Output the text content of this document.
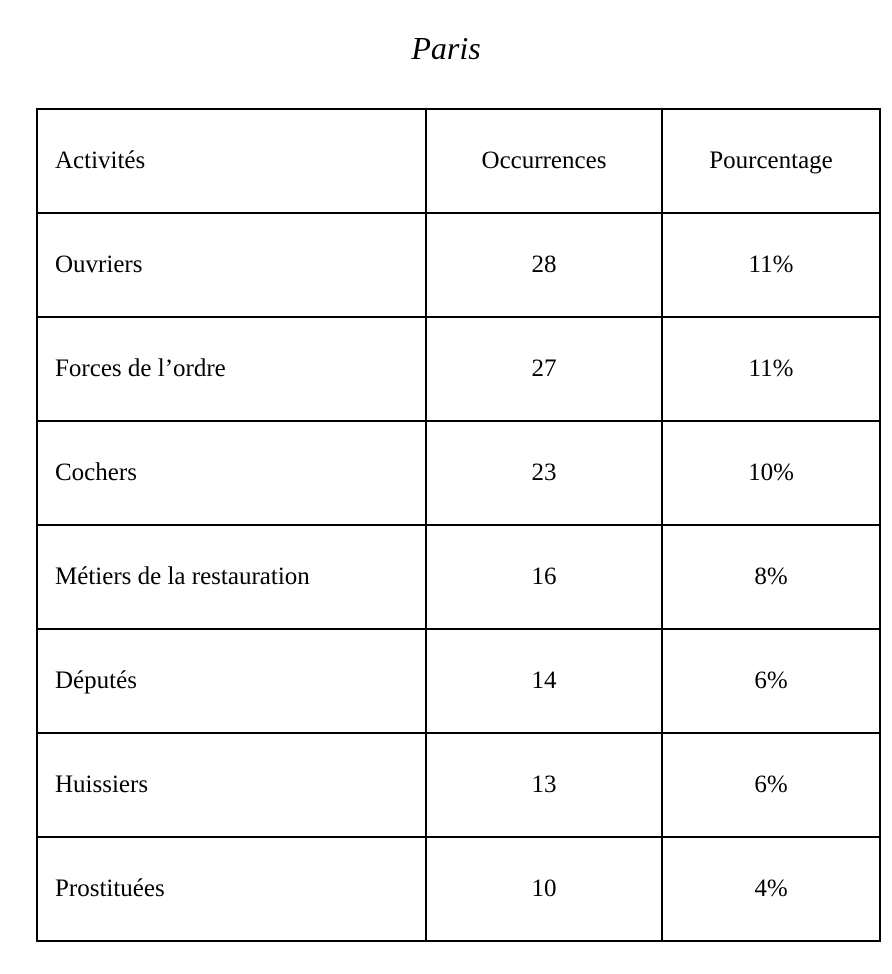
Paris
Activités	Occurrences	Pourcentage
Ouvriers	28	11%
Forces de l’ordre	27	11%
Cochers	23	10%
Métiers de la restauration	16	8%
Députés	14	6%
Huissiers	13	6%
Prostituées	10	4%
